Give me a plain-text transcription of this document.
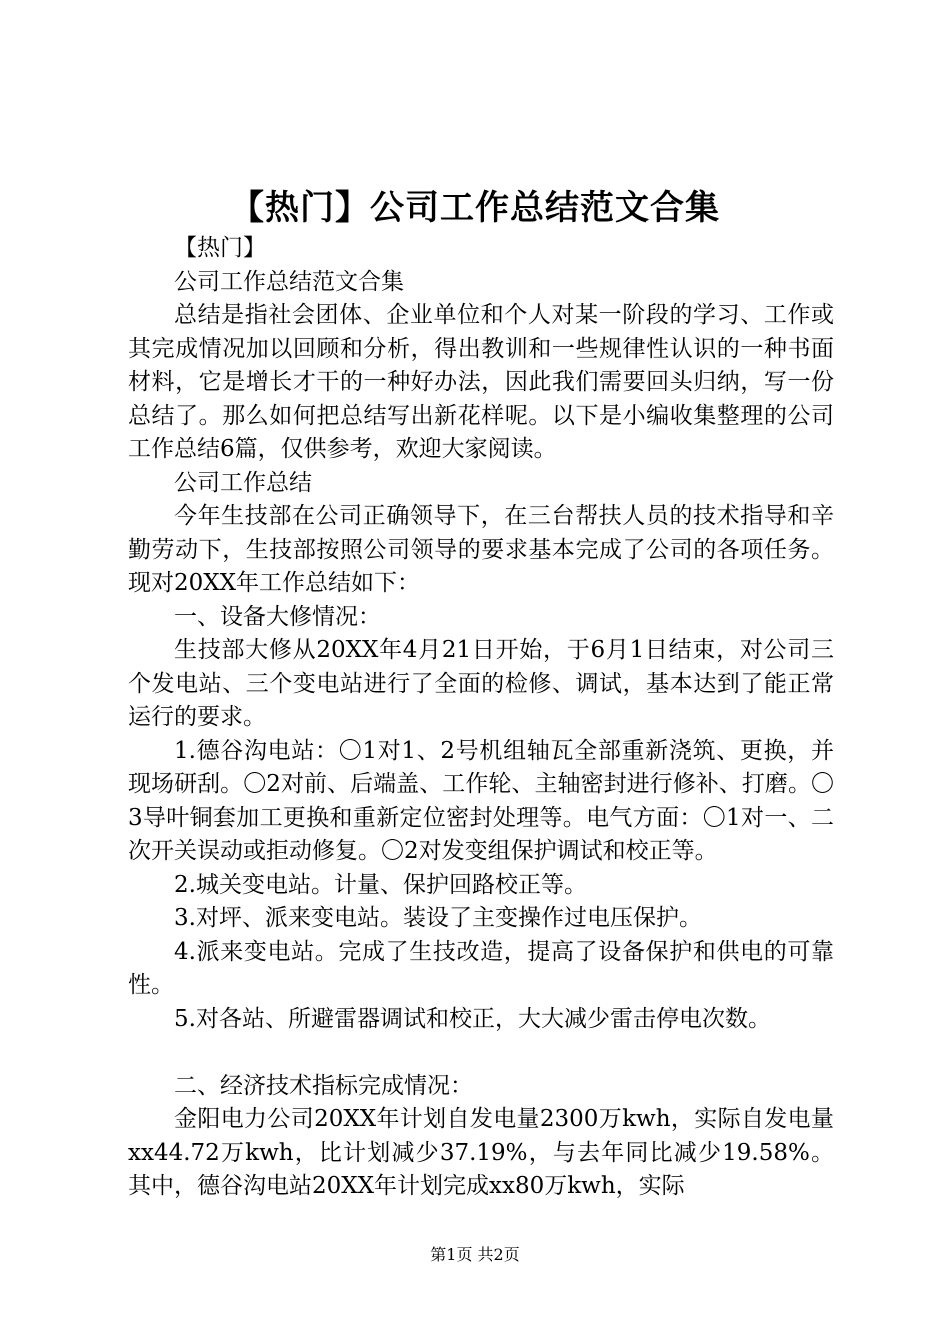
【热门】公司工作总结范文合集

【热门】

公司工作总结范文合集

总结是指社会团体、企业单位和个人对某一阶段的学习、工作或其完成情况加以回顾和分析，得出教训和一些规律性认识的一种书面材料，它是增长才干的一种好办法，因此我们需要回头归纳，写一份总结了。那么如何把总结写出新花样呢。以下是小编收集整理的公司工作总结6篇，仅供参考，欢迎大家阅读。

公司工作总结

今年生技部在公司正确领导下，在三台帮扶人员的技术指导和辛勤劳动下，生技部按照公司领导的要求基本完成了公司的各项任务。现对20XX年工作总结如下：

一、设备大修情况：

生技部大修从20XX年4月21日开始，于6月1日结束，对公司三个发电站、三个变电站进行了全面的检修、调试，基本达到了能正常运行的要求。

1.德谷沟电站：〇1对1、2号机组轴瓦全部重新浇筑、更换，并现场研刮。〇2对前、后端盖、工作轮、主轴密封进行修补、打磨。〇3导叶铜套加工更换和重新定位密封处理等。电气方面：〇1对一、二次开关误动或拒动修复。〇2对发变组保护调试和校正等。

2.城关变电站。计量、保护回路校正等。

3.对坪、派来变电站。装设了主变操作过电压保护。

4.派来变电站。完成了生技改造，提高了设备保护和供电的可靠性。

5.对各站、所避雷器调试和校正，大大减少雷击停电次数。

二、经济技术指标完成情况：

金阳电力公司20XX年计划自发电量2300万kwh，实际自发电量xx44.72万kwh，比计划减少37.19%，与去年同比减少19.58%。其中，德谷沟电站20XX年计划完成xx80万kwh，实际

第1页 共2页
